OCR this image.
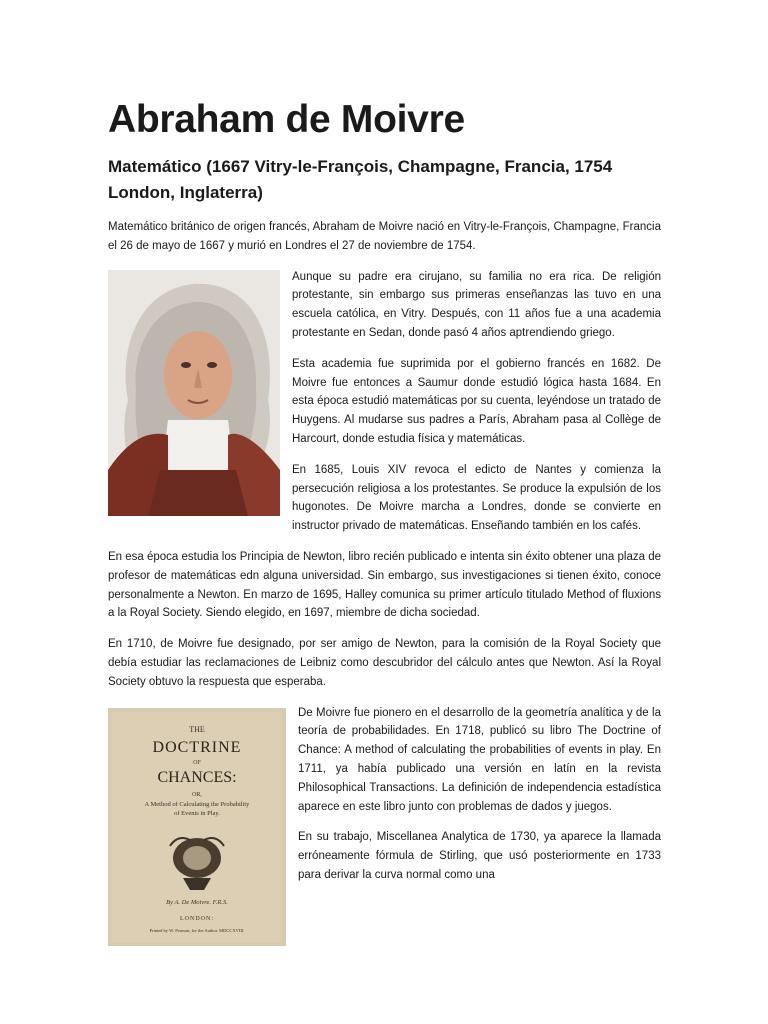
Abraham de Moivre
Matemático (1667 Vitry-le-François, Champagne, Francia, 1754 London, Inglaterra)

Matemático británico de origen francés, Abraham de Moivre nació en Vitry-le-François, Champagne, Francia el 26 de mayo de 1667 y murió en Londres el 27 de noviembre de 1754.

Aunque su padre era cirujano, su familia no era rica. De religión protestante, sin embargo sus primeras enseñanzas las tuvo en una escuela católica, en Vitry. Después, con 11 años fue a una academia protestante en Sedan, donde pasó 4 años aptrendiendo griego.

Esta academia fue suprimida por el gobierno francés en 1682. De Moivre fue entonces a Saumur donde estudió lógica hasta 1684. En esta época estudió matemáticas por su cuenta, leyéndose un tratado de Huygens. Al mudarse sus padres a París, Abraham pasa al Collège de Harcourt, donde estudia física y matemáticas.

En 1685, Louis XIV revoca el edicto de Nantes y comienza la persecución religiosa a los protestantes. Se produce la expulsión de los hugonotes. De Moivre marcha a Londres, donde se convierte en instructor privado de matemáticas. Enseñando también en los cafés.

En esa época estudia los Principia de Newton, libro recién publicado e intenta sin éxito obtener una plaza de profesor de matemáticas edn alguna universidad. Sin embargo, sus investigaciones si tienen éxito, conoce personalmente a Newton. En marzo de 1695, Halley comunica su primer artículo titulado Method of fluxions a la Royal Society. Siendo elegido, en 1697, miembre de dicha sociedad.

En 1710, de Moivre fue designado, por ser amigo de Newton, para la comisión de la Royal Society que debía estudiar las reclamaciones de Leibniz como descubridor del cálculo antes que Newton. Así la Royal Society obtuvo la respuesta que esperaba.

THE
DOCTRINE
OF
CHANCES:
OR,
A Method of Calculating the Probability
of Events in Play.
By A. De Moivre. F.R.S.
LONDON:
Printed by W. Pearson, for the Author. MDCCXVIII.

De Moivre fue pionero en el desarrollo de la geometría analítica y de la teoría de probabilidades. En 1718, publicó su libro The Doctrine of Chance: A method of calculating the probabilities of events in play. En 1711, ya había publicado una versión en latín en la revista Philosophical Transactions. La definición de independencia estadística aparece en este libro junto con problemas de dados y juegos.

En su trabajo, Miscellanea Analytica de 1730, ya aparece la llamada erróneamente fórmula de Stirling, que usó posteriormente en 1733 para derivar la curva normal como una
